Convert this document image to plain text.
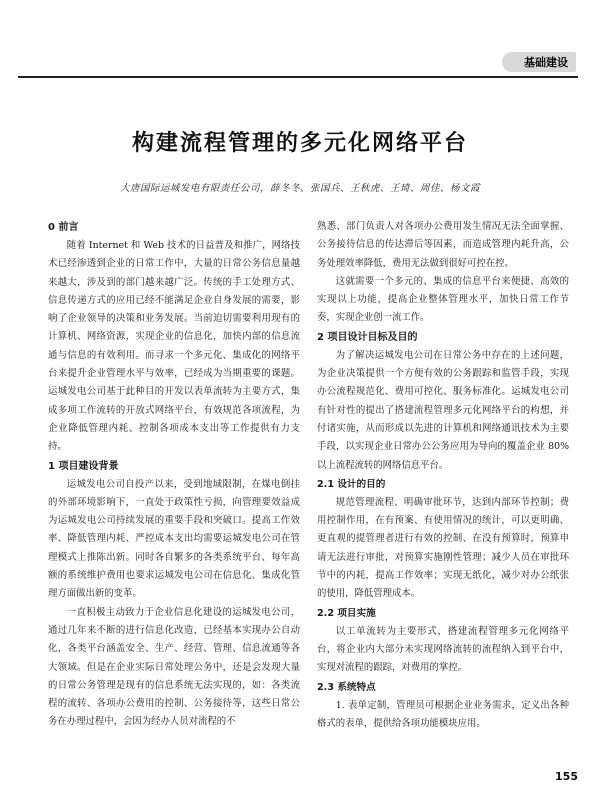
基础建设
构建流程管理的多元化网络平台
大唐国际运城发电有限责任公司，薛冬冬、张国兵、王秋虎、王琦、周佳、杨文霞
0 前言

随着 Internet 和 Web 技术的日益普及和推广，网络技术已经渗透到企业的日常工作中，大量的日常公务信息量越来越大，涉及到的部门越来越广泛。传统的手工处理方式、信息传递方式的应用已经不能满足企业自身发展的需要，影响了企业领导的决策和业务发展。当前迫切需要利用现有的计算机、网络资源，实现企业的信息化，加快内部的信息流通与信息的有效利用。而寻求一个多元化、集成化的网络平台来提升企业管理水平与效率，已经成为当期重要的课题。运城发电公司基于此种目的开发以表单流转为主要方式，集成多项工作流转的开放式网络平台，有效规范各项流程，为企业降低管理内耗、控制各项成本支出等工作提供有力支持。

1 项目建设背景

运城发电公司自投产以来，受到地域限制，在煤电倒挂的外部环境影响下，一直处于政策性亏损，向管理要效益成为运城发电公司持续发展的重要手段和突破口。提高工作效率、降低管理内耗、严控成本支出均需要运城发电公司在管理模式上推陈出新。同时各自繁多的各类系统平台、每年高额的系统维护费用也要求运城发电公司在信息化、集成化管理方面做出新的变革。

一直积极主动致力于企业信息化建设的运城发电公司，通过几年来不断的进行信息化改造，已经基本实现办公自动化，各类平台涵盖安全、生产、经营、管理、信息流通等各大领域。但是在企业实际日常处理公务中，还是会发现大量的日常公务管理是现有的信息系统无法实现的，如：各类流程的流转、各项办公费用的控制、公务接待等，这些日常公务在办理过程中，会因为经办人员对流程的不

熟悉、部门负责人对各项办公费用发生情况无法全面掌握、公务接待信息的传达滞后等因素，而造成管理内耗升高，公务处理效率降低，费用无法做到很好可控在控。

这就需要一个多元的、集成的信息平台来便捷、高效的实现以上功能，提高企业整体管理水平，加快日常工作节奏，实现企业创一流工作。

2 项目设计目标及目的

为了解决运城发电公司在日常公务中存在的上述问题，为企业决策提供一个方便有效的公务跟踪和监管手段，实现办公流程规范化、费用可控化、服务标准化。运城发电公司有针对性的提出了搭建流程管理多元化网络平台的构想，并付诸实施，从而形成以先进的计算机和网络通讯技术为主要手段，以实现企业日常办公公务应用为导向的覆盖企业 80% 以上流程流转的网络信息平台。

2.1 设计的目的

规范管理流程、明确审批环节，达到内部环节控制；费用控制作用，在有预案、有使用情况的统计，可以更明确、更直观的提管理者进行有效的控制、在没有预算时，预算申请无法进行审批，对预算实施刚性管理；减少人员在审批环节中的内耗，提高工作效率；实现无纸化，减少对办公纸张的使用，降低管理成本。

2.2 项目实施

以工单流转为主要形式，搭建流程管理多元化网络平台，将企业内大部分未实现网络流转的流程纳入到平台中，实现对流程的跟踪，对费用的掌控。

2.3 系统特点

1. 表单定制，管理员可根据企业业务需求，定义出各种格式的表单，提供给各项功能模块应用。

155
